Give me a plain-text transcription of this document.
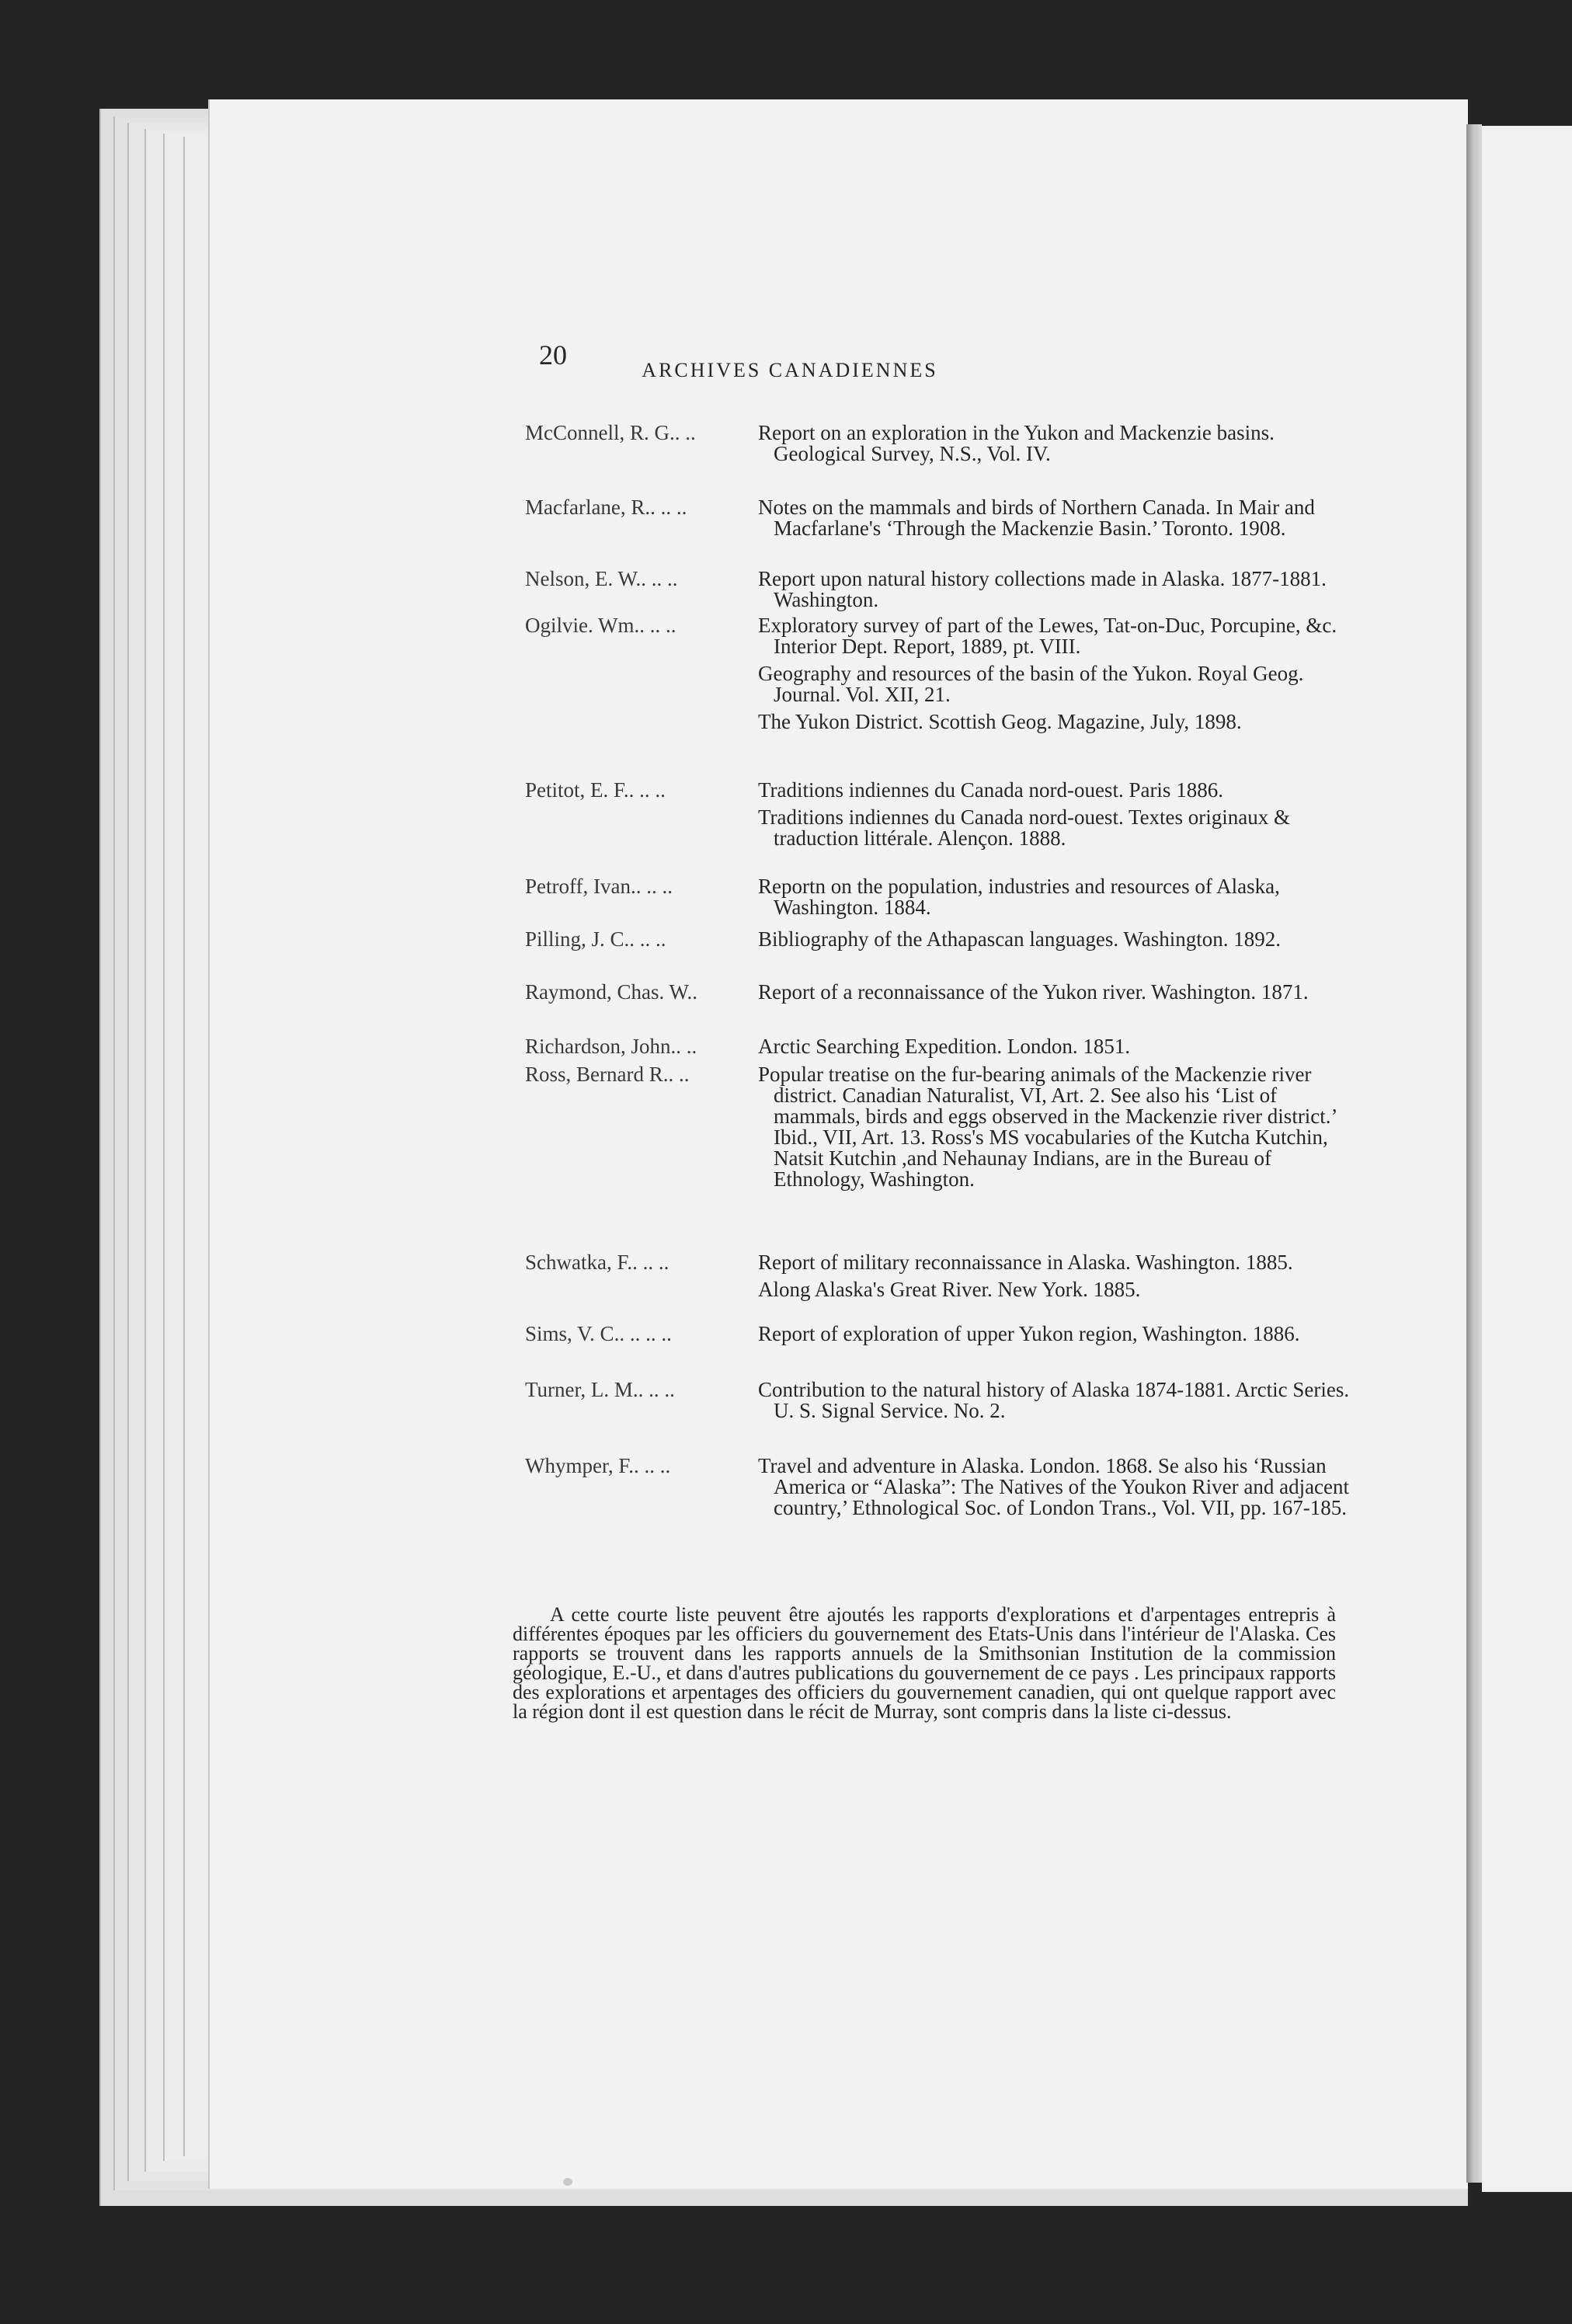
20	ARCHIVES CANADIENNES
McConnell, R. G.. ..	Report on an exploration in the Yukon and Mackenzie basins. Geological Survey, N.S., Vol. IV.
Macfarlane, R.. .. ..	Notes on the mammals and birds of Northern Canada. In Mair and Macfarlane's ‘Through the Mackenzie Basin.’ Toronto. 1908.
Nelson, E. W.. .. ..	Report upon natural history collections made in Alaska. 1877-1881. Washington.
Ogilvie. Wm.. .. ..	Exploratory survey of part of the Lewes, Tat-on-Duc, Porcupine, &c. Interior Dept. Report, 1889, pt. VIII.
Geography and resources of the basin of the Yukon. Royal Geog. Journal. Vol. XII, 21.
The Yukon District. Scottish Geog. Magazine, July, 1898.
Petitot, E. F.. .. ..	Traditions indiennes du Canada nord-ouest. Paris 1886.
Traditions indiennes du Canada nord-ouest. Textes originaux & traduction littérale. Alençon. 1888.
Petroff, Ivan.. .. ..	Reportn on the population, industries and resources of Alaska, Washington. 1884.
Pilling, J. C.. .. ..	Bibliography of the Athapascan languages. Washington. 1892.
Raymond, Chas. W..	Report of a reconnaissance of the Yukon river. Washington. 1871.
Richardson, John.. ..	Arctic Searching Expedition. London. 1851.
Ross, Bernard R.. ..	Popular treatise on the fur-bearing animals of the Mackenzie river district. Canadian Naturalist, VI, Art. 2. See also his ‘List of mammals, birds and eggs observed in the Mackenzie river district.’ Ibid., VII, Art. 13. Ross's MS vocabularies of the Kutcha Kutchin, Natsit Kutchin ,and Nehaunay Indians, are in the Bureau of Ethnology, Washington.
Schwatka, F.. .. ..	Report of military reconnaissance in Alaska. Washington. 1885.
Along Alaska's Great River. New York. 1885.
Sims, V. C.. .. .. ..	Report of exploration of upper Yukon region, Washington. 1886.
Turner, L. M.. .. ..	Contribution to the natural history of Alaska 1874-1881. Arctic Series. U. S. Signal Service. No. 2.
Whymper, F.. .. ..	Travel and adventure in Alaska. London. 1868. Se also his ‘Russian America or “Alaska”: The Natives of the Youkon River and adjacent country,’ Ethnological Soc. of London Trans., Vol. VII, pp. 167-185.

A cette courte liste peuvent être ajoutés les rapports d'explorations et d'arpentages entrepris à différentes époques par les officiers du gouvernement des Etats-Unis dans l'intérieur de l'Alaska. Ces rapports se trouvent dans les rapports annuels de la Smithsonian Institution de la commission géologique, E.-U., et dans d'autres publications du gouvernement de ce pays . Les principaux rapports des explorations et arpentages des officiers du gouvernement canadien, qui ont quelque rapport avec la région dont il est question dans le récit de Murray, sont compris dans la liste ci-dessus.
